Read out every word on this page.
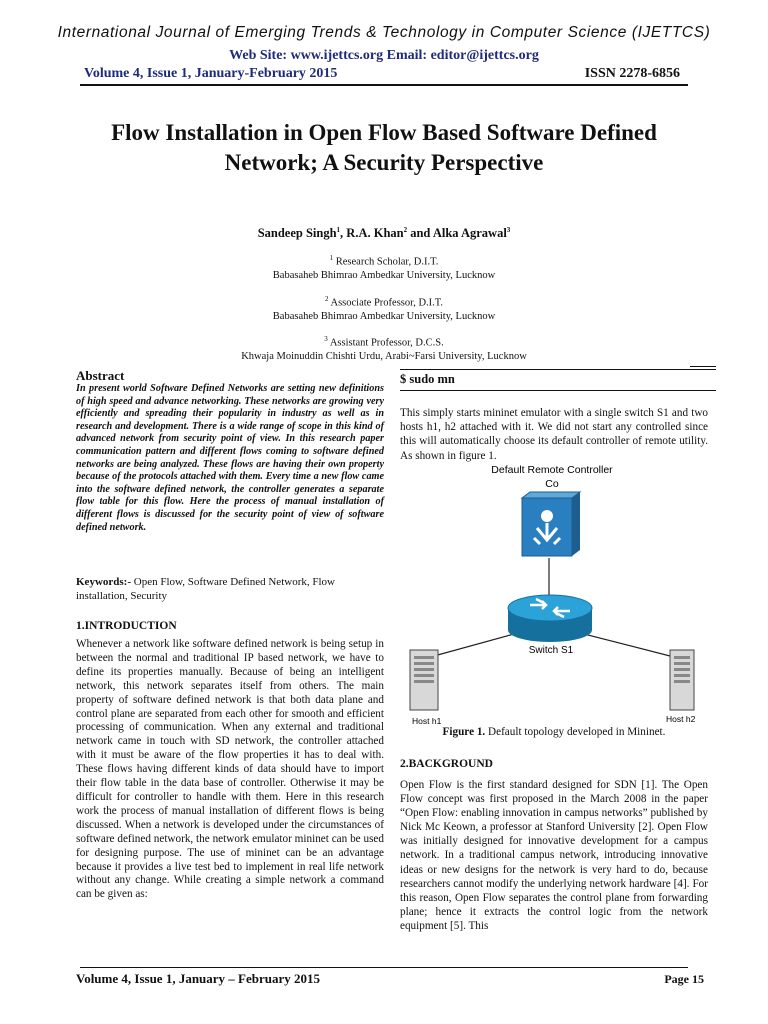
International Journal of Emerging Trends & Technology in Computer Science (IJETTCS)
Web Site: www.ijettcs.org Email: editor@ijettcs.org
Volume 4, Issue 1, January-February 2015	ISSN 2278-6856
Flow Installation in Open Flow Based Software Defined Network; A Security Perspective
Sandeep Singh$^1$, R.A. Khan$^2$ and Alka Agrawal$^3$
$^1$ Research Scholar, D.I.T.
Babasaheb Bhimrao Ambedkar University, Lucknow
$^2$ Associate Professor, D.I.T.
Babasaheb Bhimrao Ambedkar University, Lucknow
$^3$ Assistant Professor, D.C.S.
Khwaja Moinuddin Chishti Urdu, Arabi~Farsi University, Lucknow
Abstract
In present world Software Defined Networks are setting new definitions of high speed and advance networking. These networks are growing very efficiently and spreading their popularity in industry as well as in research and development. There is a wide range of scope in this kind of advanced network from security point of view. In this research paper communication pattern and different flows coming to software defined networks are being analyzed. These flows are having their own property because of the protocols attached with them. Every time a new flow came into the software defined network, the controller generates a separate flow table for this flow. Here the process of manual installation of different flows is discussed for the security point of view of software defined network.
Keywords:- Open Flow, Software Defined Network, Flow installation, Security
1.INTRODUCTION
Whenever a network like software defined network is being setup in between the normal and traditional IP based network, we have to define its properties manually. Because of being an intelligent network, this network separates itself from others. The main property of software defined network is that both data plane and control plane are separated from each other for smooth and efficient processing of communication. When any external and traditional network came in touch with SD network, the controller attached with it must be aware of the flow properties it has to deal with. These flows having different kinds of data should have to import their flow table in the data base of controller. Otherwise it may be difficult for controller to handle with them. Here in this research work the process of manual installation of different flows is being discussed. When a network is developed under the circumstances of software defined network, the network emulator mininet can be used for designing purpose. The use of mininet can be an advantage because it provides a live test bed to implement in real life network without any change. While creating a simple network a command can be given as:
$ sudo mn
This simply starts mininet emulator with a single switch S1 and two hosts h1, h2 attached with it. We did not start any controlled since this will automatically choose its default controller of remote utility. As shown in figure 1.
Default Remote Controller
Co
Switch S1
Host h1	Host h2
Figure 1. Default topology developed in Mininet.
2.BACKGROUND
Open Flow is the first standard designed for SDN [1]. The Open Flow concept was first proposed in the March 2008 in the paper “Open Flow: enabling innovation in campus networks” published by Nick Mc Keown, a professor at Stanford University [2]. Open Flow was initially designed for innovative development for a campus network. In a traditional campus network, introducing innovative ideas or new designs for the network is very hard to do, because researchers cannot modify the underlying network hardware [4]. For this reason, Open Flow separates the control plane from forwarding plane; hence it extracts the control logic from the network equipment [5]. This
Volume 4, Issue 1, January – February 2015	Page 15
